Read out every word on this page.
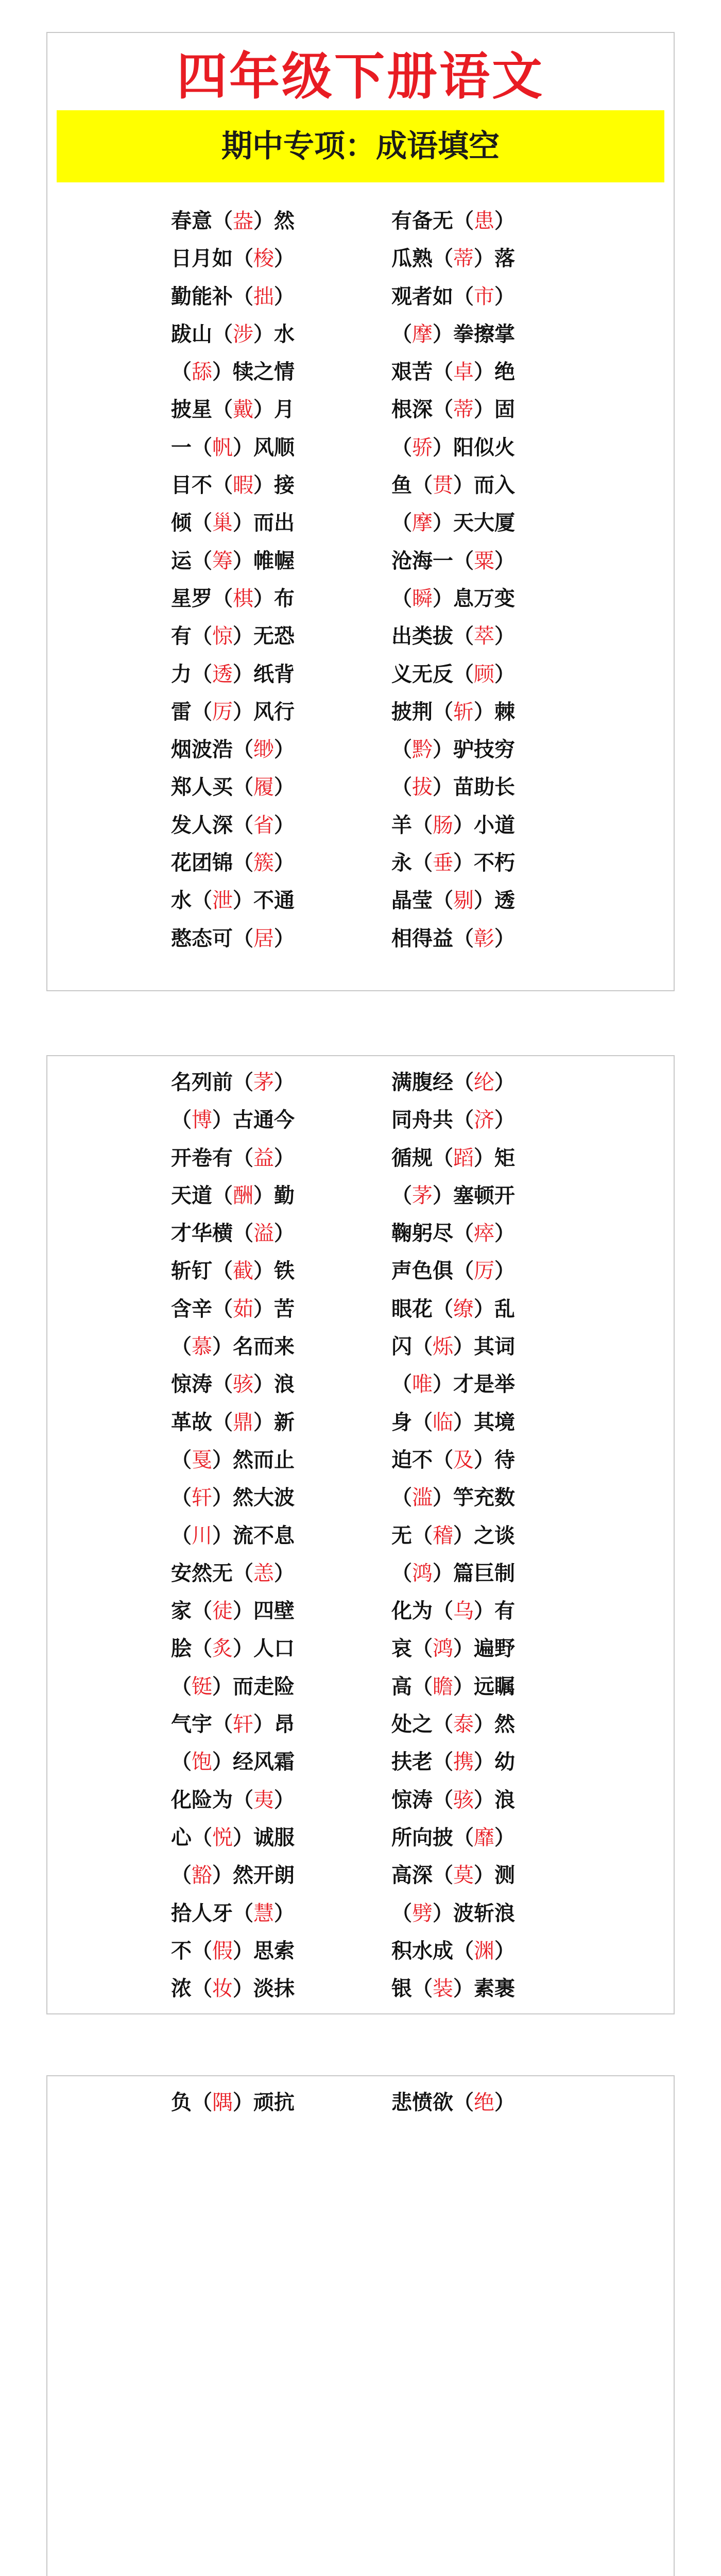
四年级下册语文
期中专项：成语填空
春意（盎）然	有备无（患）
日月如（梭）	瓜熟（蒂）落
勤能补（拙）	观者如（市）
跋山（涉）水	（摩）拳擦掌
（舔）犊之情	艰苦（卓）绝
披星（戴）月	根深（蒂）固
一（帆）风顺	（骄）阳似火
目不（暇）接	鱼（贯）而入
倾（巢）而出	（摩）天大厦
运（筹）帷幄	沧海一（粟）
星罗（棋）布	（瞬）息万变
有（惊）无恐	出类拔（萃）
力（透）纸背	义无反（顾）
雷（厉）风行	披荆（斩）棘
烟波浩（缈）	（黔）驴技穷
郑人买（履）	（拔）苗助长
发人深（省）	羊（肠）小道
花团锦（簇）	永（垂）不朽
水（泄）不通	晶莹（剔）透
憨态可（居）	相得益（彰）
名列前（茅）	满腹经（纶）
（博）古通今	同舟共（济）
开卷有（益）	循规（蹈）矩
天道（酬）勤	（茅）塞顿开
才华横（溢）	鞠躬尽（瘁）
斩钉（截）铁	声色俱（厉）
含辛（茹）苦	眼花（缭）乱
（慕）名而来	闪（烁）其词
惊涛（骇）浪	（唯）才是举
革故（鼎）新	身（临）其境
（戛）然而止	迫不（及）待
（轩）然大波	（滥）竽充数
（川）流不息	无（稽）之谈
安然无（恙）	（鸿）篇巨制
家（徒）四壁	化为（乌）有
脍（炙）人口	哀（鸿）遍野
（铤）而走险	高（瞻）远瞩
气宇（轩）昂	处之（泰）然
（饱）经风霜	扶老（携）幼
化险为（夷）	惊涛（骇）浪
心（悦）诚服	所向披（靡）
（豁）然开朗	高深（莫）测
拾人牙（慧）	（劈）波斩浪
不（假）思索	积水成（渊）
浓（妆）淡抹	银（装）素裹
负（隅）顽抗	悲愤欲（绝）
